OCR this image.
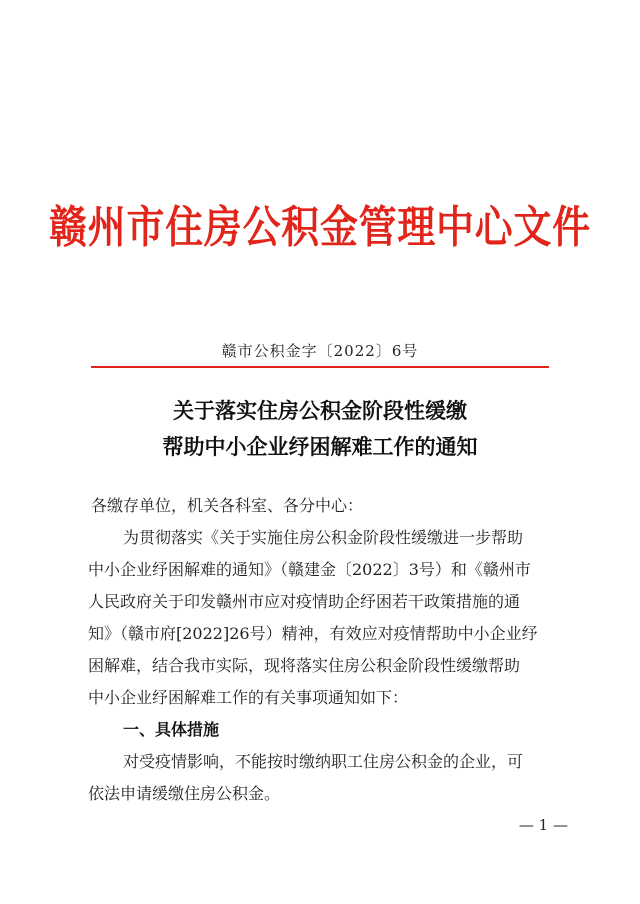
赣州市住房公积金管理中心文件
赣市公积金字〔2022〕6号
关于落实住房公积金阶段性缓缴
帮助中小企业纾困解难工作的通知
各缴存单位，机关各科室、各分中心：
为贯彻落实《关于实施住房公积金阶段性缓缴进一步帮助
中小企业纾困解难的通知》（赣建金〔2022〕3号）和《赣州市
人民政府关于印发赣州市应对疫情助企纾困若干政策措施的通
知》（赣市府[2022]26号）精神，有效应对疫情帮助中小企业纾
困解难，结合我市实际，现将落实住房公积金阶段性缓缴帮助
中小企业纾困解难工作的有关事项通知如下：
一、具体措施
对受疫情影响，不能按时缴纳职工住房公积金的企业，可
依法申请缓缴住房公积金。
— 1 —
